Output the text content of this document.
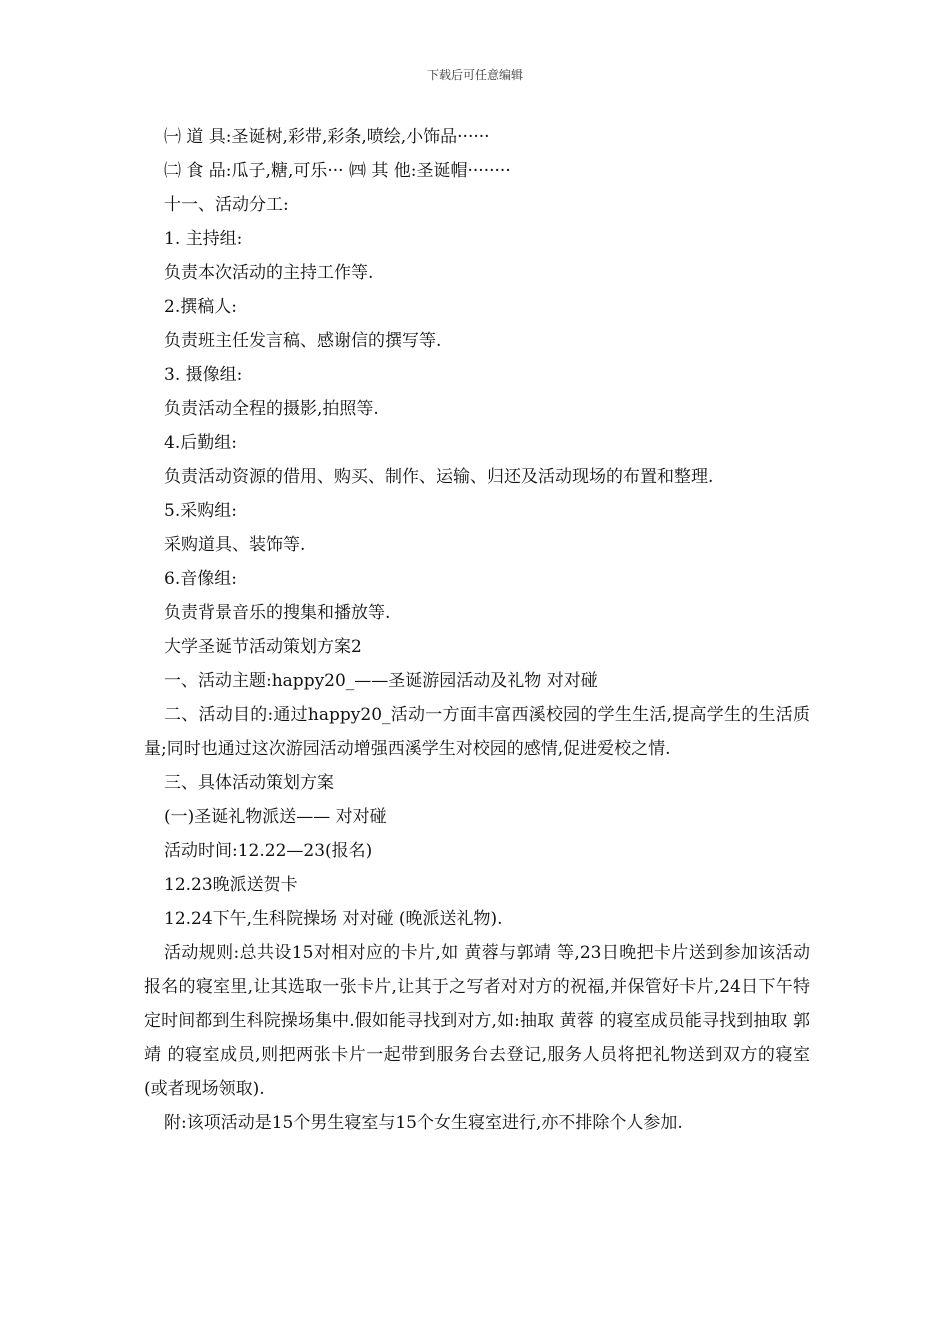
下载后可任意编辑
㈠ 道 具:圣诞树,彩带,彩条,喷绘,小饰品······
㈡ 食 品:瓜子,糖,可乐··· ㈣ 其 他:圣诞帽········
十一、活动分工:
1. 主持组:
负责本次活动的主持工作等.
2.撰稿人:
负责班主任发言稿、感谢信的撰写等.
3. 摄像组:
负责活动全程的摄影,拍照等.
4.后勤组:
负责活动资源的借用、购买、制作、运输、归还及活动现场的布置和整理.
5.采购组:
采购道具、装饰等.
6.音像组:
负责背景音乐的搜集和播放等.
大学圣诞节活动策划方案2
一、活动主题:happy20_——圣诞游园活动及礼物 对对碰
二、活动目的:通过happy20_活动一方面丰富西溪校园的学生生活,提高学生的生活质量;同时也通过这次游园活动增强西溪学生对校园的感情,促进爱校之情.
三、具体活动策划方案
(一)圣诞礼物派送—— 对对碰
活动时间:12.22—23(报名)
12.23晚派送贺卡
12.24下午,生科院操场 对对碰 (晚派送礼物).
活动规则:总共设15对相对应的卡片,如 黄蓉与郭靖 等,23日晚把卡片送到参加该活动报名的寝室里,让其选取一张卡片,让其于之写者对对方的祝福,并保管好卡片,24日下午特定时间都到生科院操场集中.假如能寻找到对方,如:抽取 黄蓉 的寝室成员能寻找到抽取 郭靖 的寝室成员,则把两张卡片一起带到服务台去登记,服务人员将把礼物送到双方的寝室(或者现场领取).
附:该项活动是15个男生寝室与15个女生寝室进行,亦不排除个人参加.
